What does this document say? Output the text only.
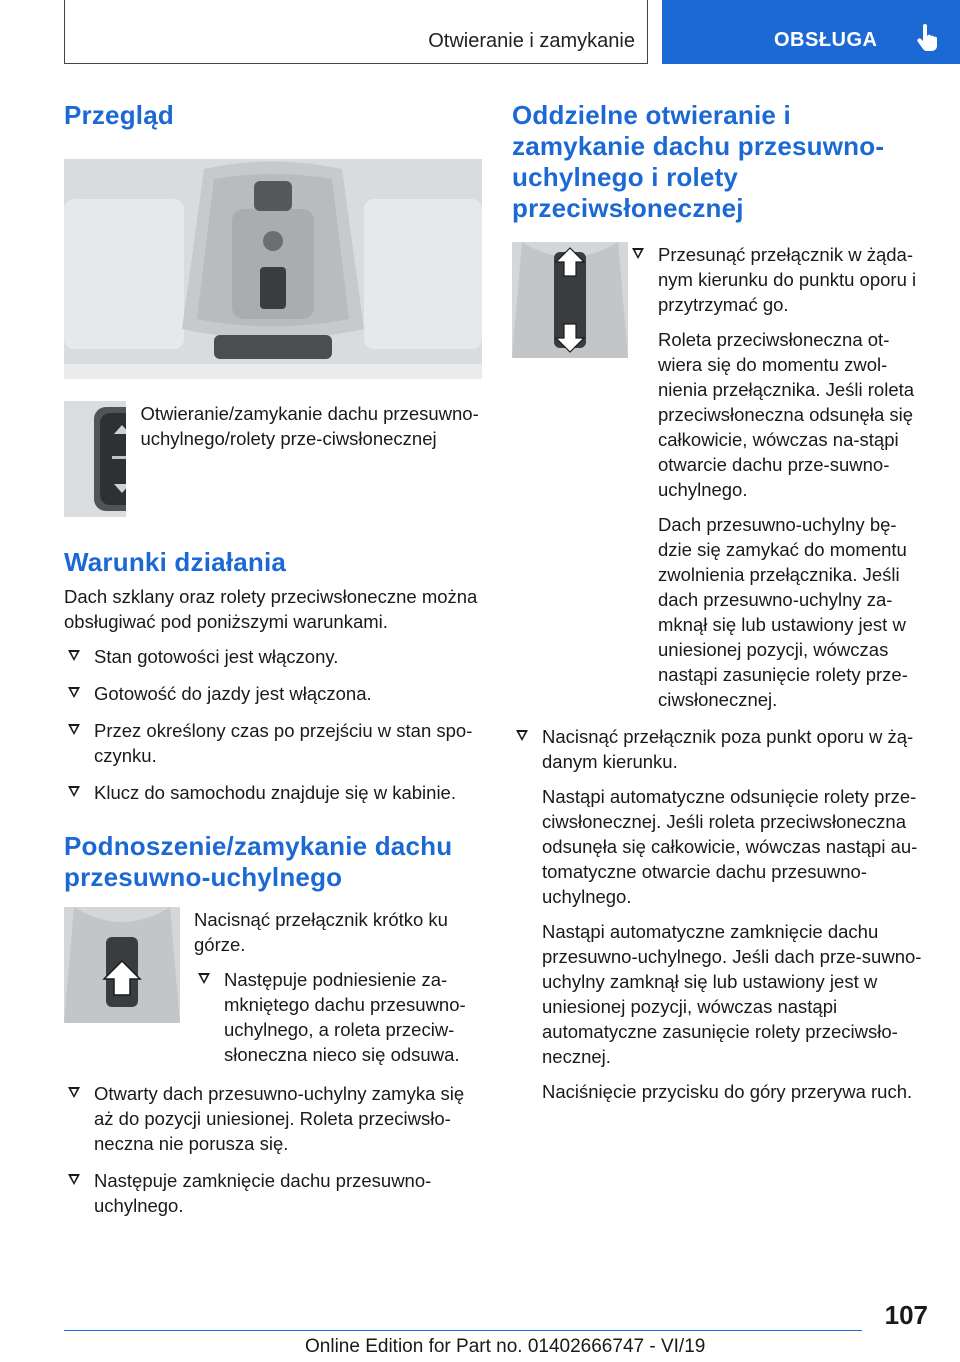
Otwieranie i zamykanie	OBSŁUGA
Przegląd
Otwieranie/zamykanie dachu przesuwno-uchylnego/rolety prze-ciwsłonecznej
Warunki działania

Dach szklany oraz rolety przeciwsłoneczne można obsługiwać pod poniższymi warunkami.

Stan gotowości jest włączony.
Gotowość do jazdy jest włączona.
Przez określony czas po przejściu w stan spo-czynku.
Klucz do samochodu znajduje się w kabinie.
Podnoszenie/zamykanie dachu przesuwno-uchylnego

Nacisnąć przełącznik krótko ku górze.

Następuje podniesienie za-mkniętego dachu przesuwno-uchylnego, a roleta przeciw-słoneczna nieco się odsuwa.
Otwarty dach przesuwno-uchylny zamyka się aż do pozycji uniesionej. Roleta przeciwsło-neczna nie porusza się.
Następuje zamknięcie dachu przesuwno-uchylnego.
Oddzielne otwieranie i zamykanie dachu przesuwno-uchylnego i rolety przeciwsłonecznej
Przesunąć przełącznik w żąda-nym kierunku do punktu oporu i przytrzymać go.
Roleta przeciwsłoneczna ot-wiera się do momentu zwol-nienia przełącznika. Jeśli roleta przeciwsłoneczna odsunęła się całkowicie, wówczas na-stąpi otwarcie dachu prze-suwno-uchylnego.
Dach przesuwno-uchylny bę-dzie się zamykać do momentu zwolnienia przełącznika. Jeśli dach przesuwno-uchylny za-mknął się lub ustawiony jest w uniesionej pozycji, wówczas nastąpi zasunięcie rolety prze-ciwsłonecznej.
Nacisnąć przełącznik poza punkt oporu w żą-danym kierunku.
Nastąpi automatyczne odsunięcie rolety prze-ciwsłonecznej. Jeśli roleta przeciwsłoneczna odsunęła się całkowicie, wówczas nastąpi au-tomatyczne otwarcie dachu przesuwno-uchylnego.
Nastąpi automatyczne zamknięcie dachu przesuwno-uchylnego. Jeśli dach prze-suwno-uchylny zamknął się lub ustawiony jest w uniesionej pozycji, wówczas nastąpi automatyczne zasunięcie rolety przeciwsło-necznej.
Naciśnięcie przycisku do góry przerywa ruch.
107
Online Edition for Part no. 01402666747 - VI/19
